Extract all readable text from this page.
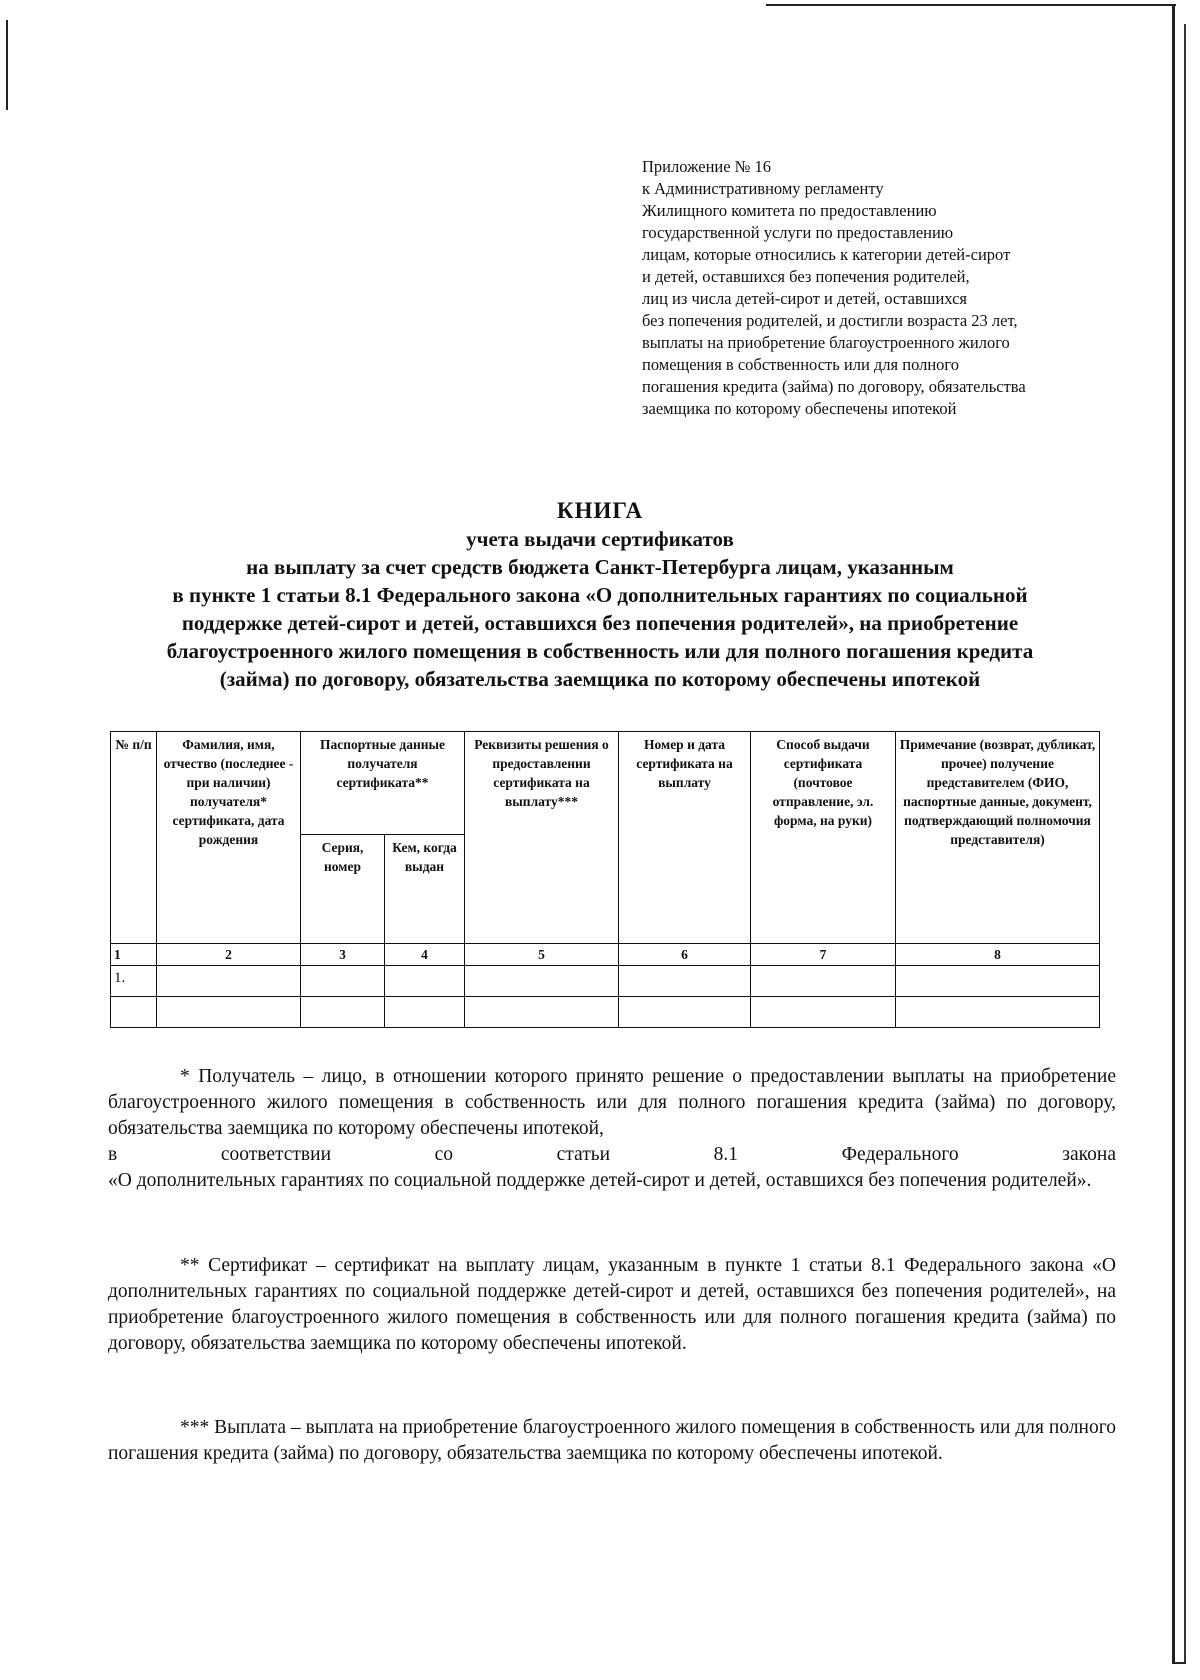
Приложение № 16
к Административному регламенту
Жилищного комитета по предоставлению
государственной услуги по предоставлению
лицам, которые относились к категории детей-сирот
и детей, оставшихся без попечения родителей,
лиц из числа детей-сирот и детей, оставшихся
без попечения родителей, и достигли возраста 23 лет,
выплаты на приобретение благоустроенного жилого
помещения в собственность или для полного
погашения кредита (займа) по договору, обязательства
заемщика по которому обеспечены ипотекой
КНИГА
учета выдачи сертификатов
на выплату за счет средств бюджета Санкт-Петербурга лицам, указанным
в пункте 1 статьи 8.1 Федерального закона «О дополнительных гарантиях по социальной
поддержке детей-сирот и детей, оставшихся без попечения родителей», на приобретение
благоустроенного жилого помещения в собственность или для полного погашения кредита
(займа) по договору, обязательства заемщика по которому обеспечены ипотекой
№ п/п	Фамилия, имя, отчество (последнее - при наличии) получателя* сертификата, дата рождения	Паспортные данные получателя сертификата**		Реквизиты решения о предоставлении сертификата на выплату***	Номер и дата сертификата на выплату	Способ выдачи сертификата (почтовое отправление, эл. форма, на руки)	Примечание (возврат, дубликат, прочее) получение представителем (ФИО, паспортные данные, документ, подтверждающий полномочия представителя)
		Серия, номер	Кем, когда выдан				
1	2	3	4	5	6	7	8
1.							

* Получатель – лицо, в отношении которого принято решение о предоставлении выплаты на приобретение благоустроенного жилого помещения в собственность или для полного погашения кредита (займа) по договору, обязательства заемщика по которому обеспечены ипотекой,

в	соответствии	со	статьи	8.1	Федерального	закона
«О дополнительных гарантиях по социальной поддержке детей-сирот и детей, оставшихся без попечения родителей».

** Сертификат – сертификат на выплату лицам, указанным в пункте 1 статьи 8.1 Федерального закона «О дополнительных гарантиях по социальной поддержке детей-сирот и детей, оставшихся без попечения родителей», на приобретение благоустроенного жилого помещения в собственность или для полного погашения кредита (займа) по договору, обязательства заемщика по которому обеспечены ипотекой.

*** Выплата – выплата на приобретение благоустроенного жилого помещения в собственность или для полного погашения кредита (займа) по договору, обязательства заемщика по которому обеспечены ипотекой.
